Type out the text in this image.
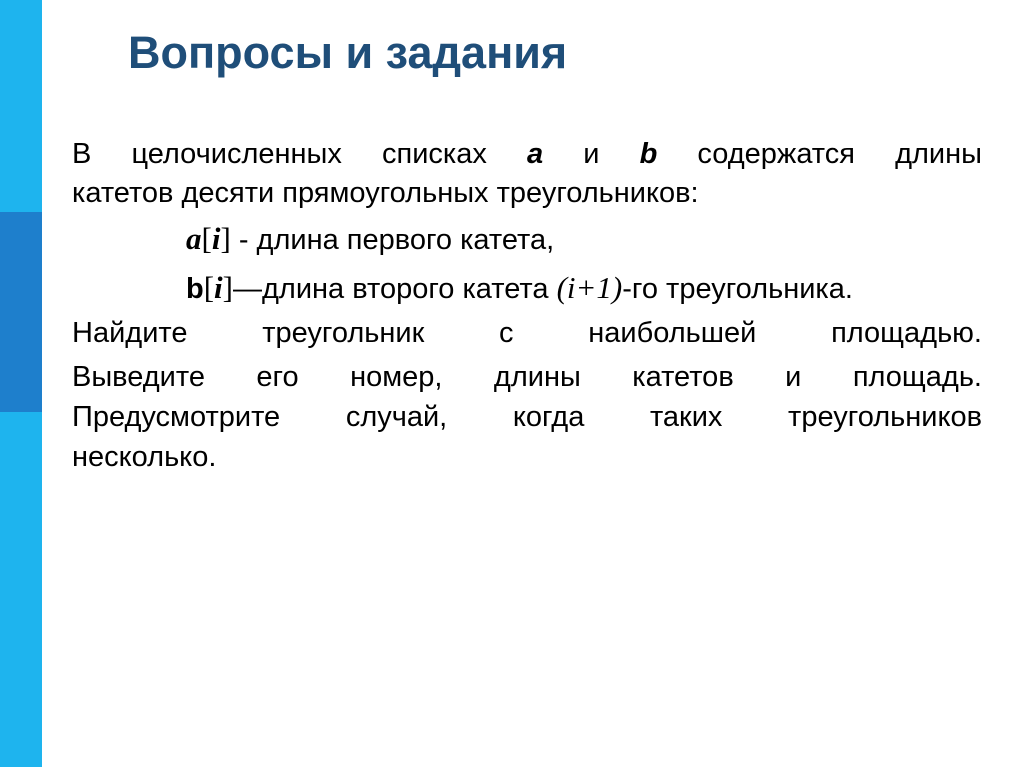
Вопросы и задания
В целочисленных списках a и b содержатся длины
катетов десяти прямоугольных треугольников:
a[i] - длина первого катета,
b[i]—длина второго катета (i+1)-го треугольника.
Найдите треугольник с наибольшей площадью.
Выведите его номер, длины катетов и площадь.
Предусмотрите случай, когда таких треугольников
несколько.
